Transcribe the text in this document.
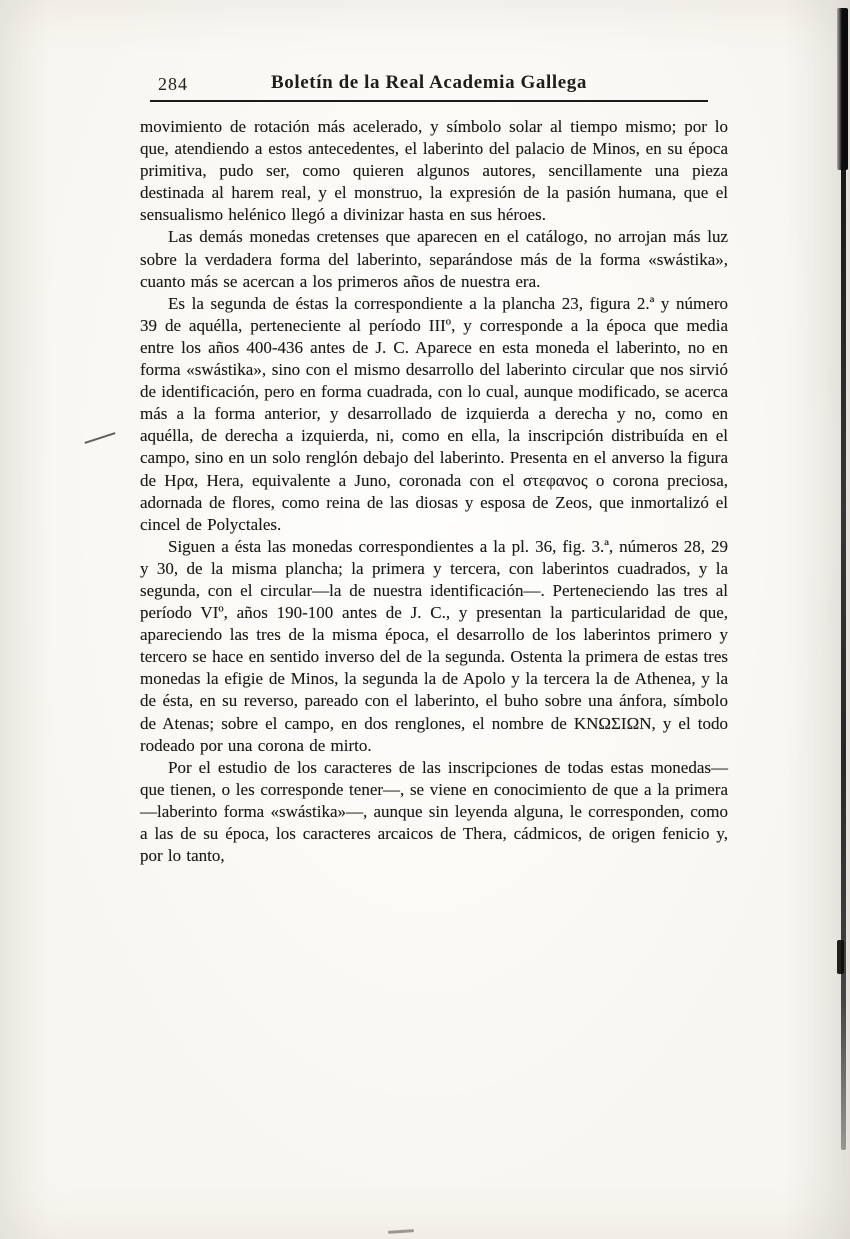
284	Boletín de la Real Academia Gallega

movimiento de rotación más acelerado, y símbolo solar al tiempo mismo; por lo que, atendiendo a estos antecedentes, el laberinto del palacio de Minos, en su época primitiva, pudo ser, como quieren algunos autores, sencillamente una pieza destinada al harem real, y el monstruo, la expresión de la pasión humana, que el sensualismo helénico llegó a divinizar hasta en sus héroes.

Las demás monedas cretenses que aparecen en el catálogo, no arrojan más luz sobre la verdadera forma del laberinto, separándose más de la forma «swástika», cuanto más se acercan a los primeros años de nuestra era.

Es la segunda de éstas la correspondiente a la plancha 23, figura 2.ª y número 39 de aquélla, perteneciente al período IIIº, y corresponde a la época que media entre los años 400-436 antes de J. C. Aparece en esta moneda el laberinto, no en forma «swástika», sino con el mismo desarrollo del laberinto circular que nos sirvió de identificación, pero en forma cuadrada, con lo cual, aunque modificado, se acerca más a la forma anterior, y desarrollado de izquierda a derecha y no, como en aquélla, de derecha a izquierda, ni, como en ella, la inscripción distribuída en el campo, sino en un solo renglón debajo del laberinto. Presenta en el anverso la figura de Ηρα, Hera, equivalente a Juno, coronada con el στεφανος o corona preciosa, adornada de flores, como reina de las diosas y esposa de Zeos, que inmortalizó el cincel de Polyctales.

Siguen a ésta las monedas correspondientes a la pl. 36, fig. 3.ª, números 28, 29 y 30, de la misma plancha; la primera y tercera, con laberintos cuadrados, y la segunda, con el circular—la de nuestra identificación—. Perteneciendo las tres al período VIº, años 190-100 antes de J. C., y presentan la particularidad de que, apareciendo las tres de la misma época, el desarrollo de los laberintos primero y tercero se hace en sentido inverso del de la segunda. Ostenta la primera de estas tres monedas la efigie de Minos, la segunda la de Apolo y la tercera la de Athenea, y la de ésta, en su reverso, pareado con el laberinto, el buho sobre una ánfora, símbolo de Atenas; sobre el campo, en dos renglones, el nombre de ΚΝΩΣΙΩΝ, y el todo rodeado por una corona de mirto.

Por el estudio de los caracteres de las inscripciones de todas estas monedas—que tienen, o les corresponde tener—, se viene en conocimiento de que a la primera—laberinto forma «swástika»—, aunque sin leyenda alguna, le corresponden, como a las de su época, los caracteres arcaicos de Thera, cádmicos, de origen fenicio y, por lo tanto,
